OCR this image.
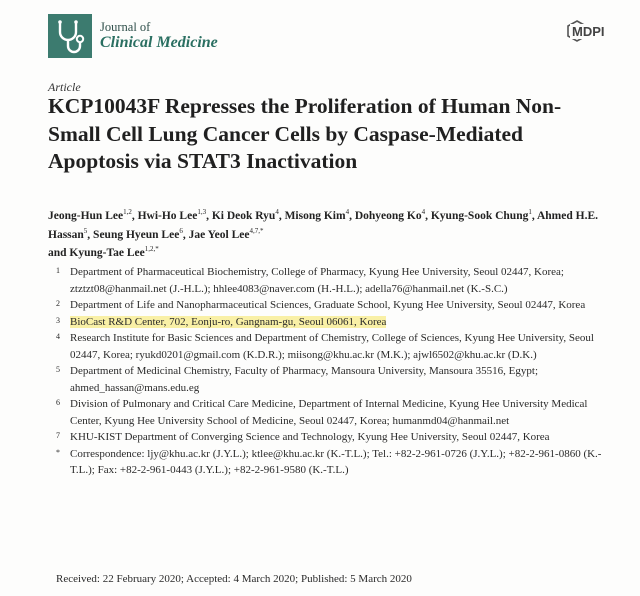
Journal of
Clinical Medicine
MDPI
Article
KCP10043F Represses the Proliferation of Human Non-Small Cell Lung Cancer Cells by Caspase-Mediated Apoptosis via STAT3 Inactivation
Jeong-Hun Lee$^{1,2}$, Hwi-Ho Lee$^{1,3}$, Ki Deok Ryu$^4$, Misong Kim$^4$, Dohyeong Ko$^4$, Kyung-Sook Chung$^1$, Ahmed H.E. Hassan$^5$, Seung Hyeun Lee$^6$, Jae Yeol Lee$^{4,7,*}$
and Kyung-Tae Lee$^{1,2,*}$
1 Department of Pharmaceutical Biochemistry, College of Pharmacy, Kyung Hee University, Seoul 02447, Korea; ztztzt08@hanmail.net (J.-H.L.); hhlee4083@naver.com (H.-H.L.); adella76@hanmail.net (K.-S.C.)
2 Department of Life and Nanopharmaceutical Sciences, Graduate School, Kyung Hee University, Seoul 02447, Korea
3 BioCast R&D Center, 702, Eonju-ro, Gangnam-gu, Seoul 06061, Korea
4 Research Institute for Basic Sciences and Department of Chemistry, College of Sciences, Kyung Hee University, Seoul 02447, Korea; ryukd0201@gmail.com (K.D.R.); miisong@khu.ac.kr (M.K.); ajwl6502@khu.ac.kr (D.K.)
5 Department of Medicinal Chemistry, Faculty of Pharmacy, Mansoura University, Mansoura 35516, Egypt; ahmed_hassan@mans.edu.eg
6 Division of Pulmonary and Critical Care Medicine, Department of Internal Medicine, Kyung Hee University Medical Center, Kyung Hee University School of Medicine, Seoul 02447, Korea; humanmd04@hanmail.net
7 KHU-KIST Department of Converging Science and Technology, Kyung Hee University, Seoul 02447, Korea
* Correspondence: ljy@khu.ac.kr (J.Y.L.); ktlee@khu.ac.kr (K.-T.L.); Tel.: +82-2-961-0726 (J.Y.L.); +82-2-961-0860 (K.-T.L.); Fax: +82-2-961-0443 (J.Y.L.); +82-2-961-9580 (K.-T.L.)
Received: 22 February 2020; Accepted: 4 March 2020; Published: 5 March 2020
